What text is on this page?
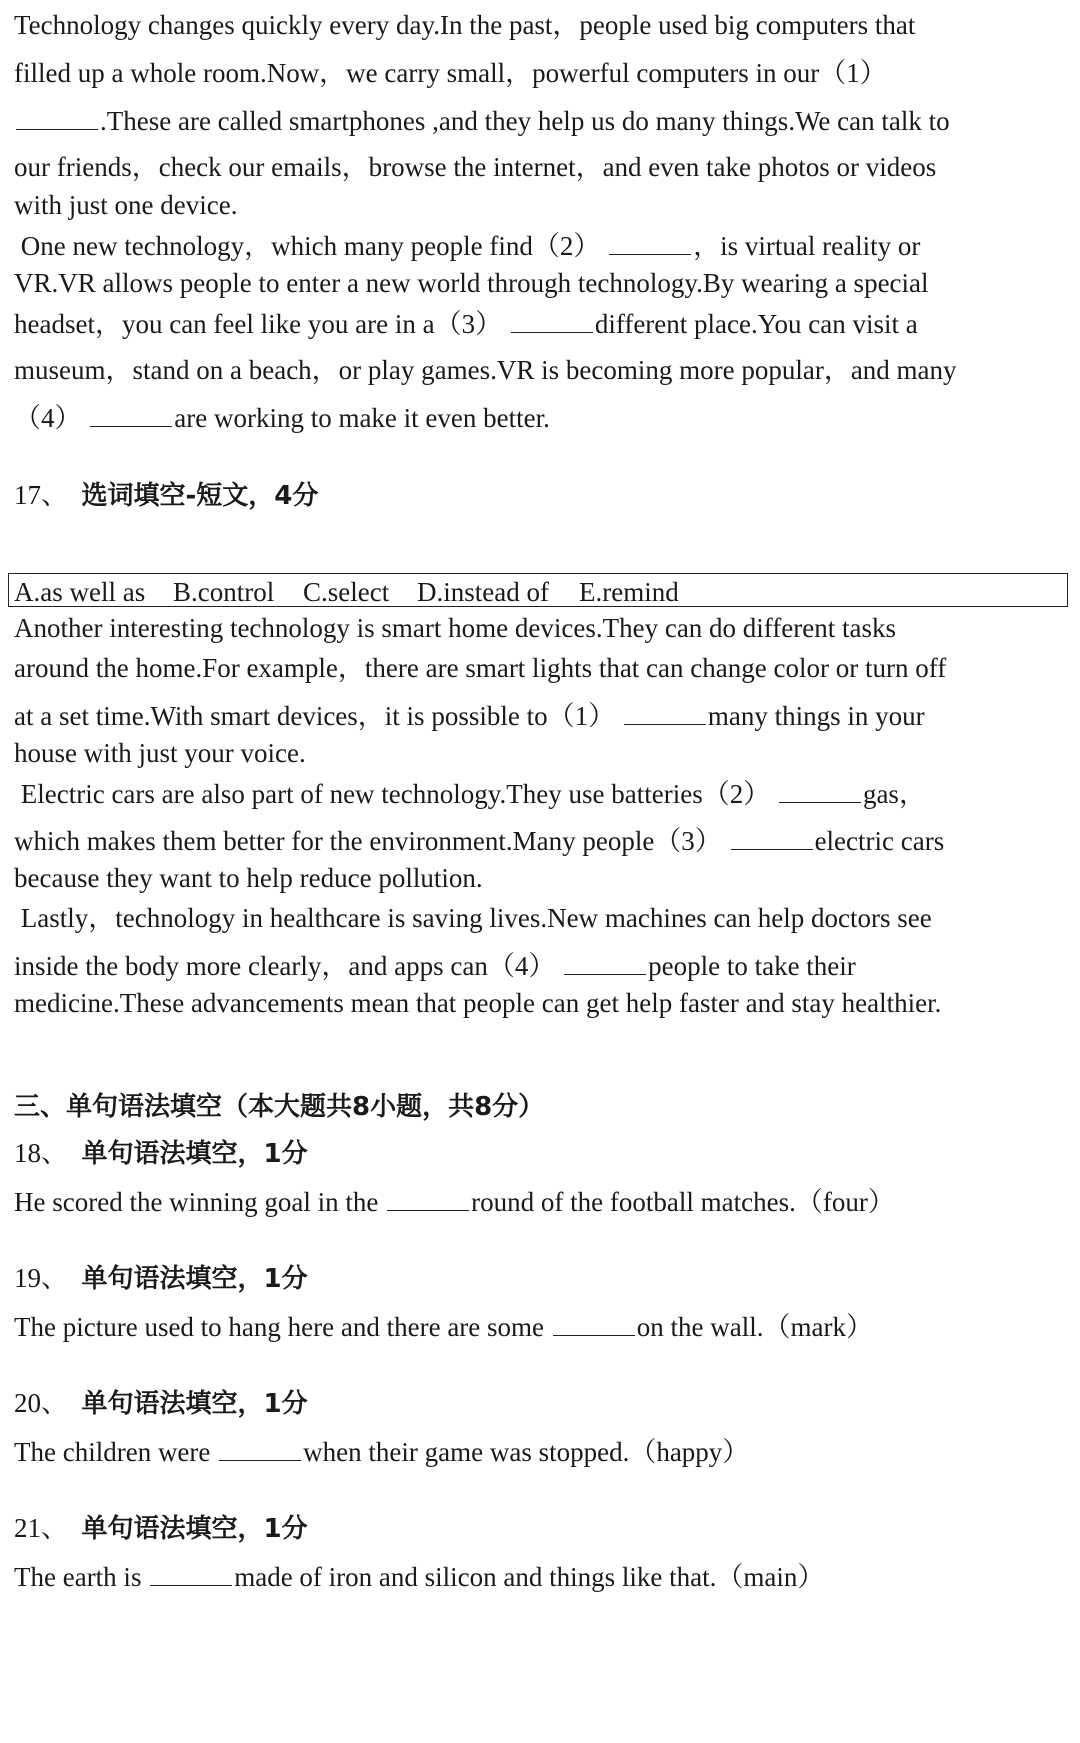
Technology changes quickly every day.In the past，people used big computers that
filled up a whole room.Now，we carry small，powerful computers in our（1）
.These are called smartphones ,and they help us do many things.We can talk to
our friends，check our emails，browse the internet，and even take photos or videos
with just one device.
One new technology，which many people find（2）	，is virtual reality or
VR.VR allows people to enter a new world through technology.By wearing a special
headset，you can feel like you are in a（3）	different place.You can visit a
museum，stand on a beach，or play games.VR is becoming more popular，and many
（4）	are working to make it even better.
17、 选词填空-短文，4分
A.as well as B.control C.select D.instead of E.remind
Another interesting technology is smart home devices.They can do different tasks
around the home.For example，there are smart lights that can change color or turn off
at a set time.With smart devices，it is possible to（1）	many things in your
house with just your voice.
Electric cars are also part of new technology.They use batteries（2）	gas，
which makes them better for the environment.Many people（3）	electric cars
because they want to help reduce pollution.
Lastly，technology in healthcare is saving lives.New machines can help doctors see
inside the body more clearly，and apps can（4）	people to take their
medicine.These advancements mean that people can get help faster and stay healthier.
三、单句语法填空（本大题共8小题，共8分）
18、 单句语法填空，1分
He scored the winning goal in the	round of the football matches.（four）
19、 单句语法填空，1分
The picture used to hang here and there are some	on the wall.（mark）
20、 单句语法填空，1分
The children were	when their game was stopped.（happy）
21、 单句语法填空，1分
The earth is	made of iron and silicon and things like that.（main）
